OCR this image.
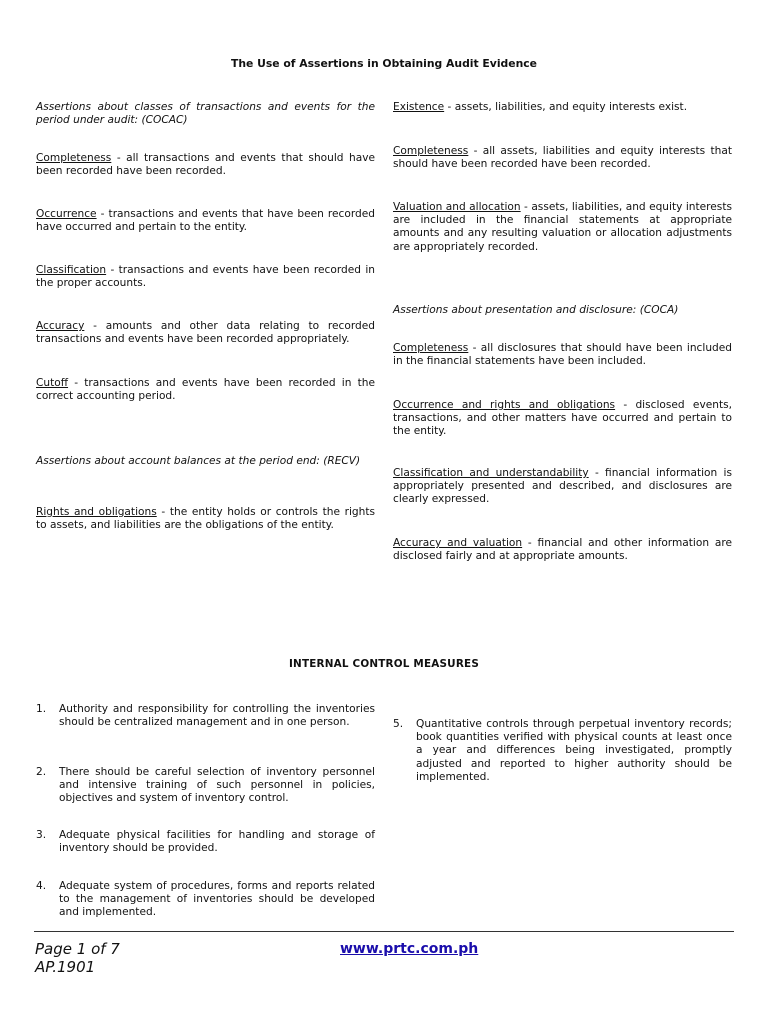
The Use of Assertions in Obtaining Audit Evidence

Assertions about classes of transactions and events for the period under audit: (COCAC)

Completeness - all transactions and events that should have been recorded have been recorded.

Occurrence - transactions and events that have been recorded have occurred and pertain to the entity.

Classification - transactions and events have been recorded in the proper accounts.

Accuracy - amounts and other data relating to recorded transactions and events have been recorded appropriately.

Cutoff - transactions and events have been recorded in the correct accounting period.

Assertions about account balances at the period end: (RECV)

Rights and obligations - the entity holds or controls the rights to assets, and liabilities are the obligations of the entity.

Existence - assets, liabilities, and equity interests exist.

Completeness - all assets, liabilities and equity interests that should have been recorded have been recorded.

Valuation and allocation - assets, liabilities, and equity interests are included in the financial statements at appropriate amounts and any resulting valuation or allocation adjustments are appropriately recorded.

Assertions about presentation and disclosure: (COCA)

Completeness - all disclosures that should have been included in the financial statements have been included.

Occurrence and rights and obligations - disclosed events, transactions, and other matters have occurred and pertain to the entity.

Classification and understandability - financial information is appropriately presented and described, and disclosures are clearly expressed.

Accuracy and valuation - financial and other information are disclosed fairly and at appropriate amounts.

INTERNAL CONTROL MEASURES
1. Authority and responsibility for controlling the inventories should be centralized management and in one person.
2. There should be careful selection of inventory personnel and intensive training of such personnel in policies, objectives and system of inventory control.
3. Adequate physical facilities for handling and storage of inventory should be provided.
4. Adequate system of procedures, forms and reports related to the management of inventories should be developed and implemented.
5. Quantitative controls through perpetual inventory records; book quantities verified with physical counts at least once a year and differences being investigated, promptly adjusted and reported to higher authority should be implemented.
Page 1 of 7
AP.1901
www.prtc.com.ph
